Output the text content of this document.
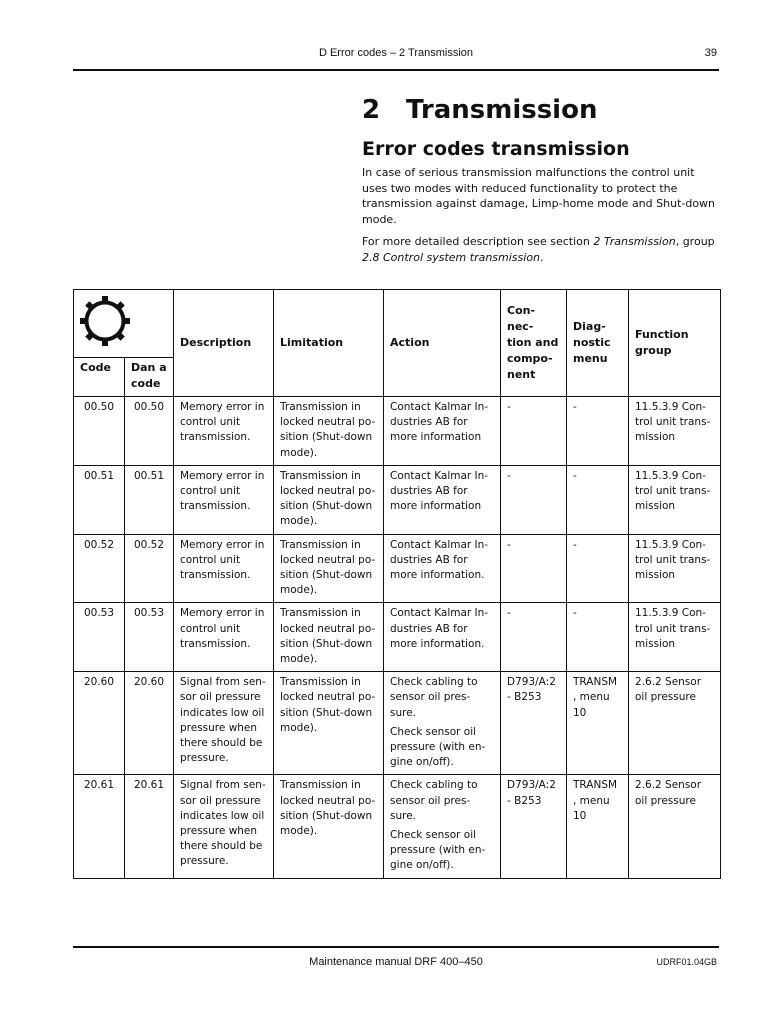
D Error codes – 2 Transmission	39
2 Transmission
Error codes transmission

In case of serious transmission malfunctions the control unit uses two modes with reduced functionality to protect the transmission against damage, Limp-home mode and Shut-down mode.

For more detailed description see section 2 Transmission, group 2.8 Control system transmission.

	Description	Limitation	Action	Con- nec- tion and compo- nent	Diag- nostic menu	Function group
Code	Dan a code						
00.50	00.50	Memory error in control unit transmission.	Transmission in locked neutral po- sition (Shut-down mode).	Contact Kalmar In- dustries AB for more information	-	-	11.5.3.9 Con- trol unit trans- mission
00.51	00.51	Memory error in control unit transmission.	Transmission in locked neutral po- sition (Shut-down mode).	Contact Kalmar In- dustries AB for more information	-	-	11.5.3.9 Con- trol unit trans- mission
00.52	00.52	Memory error in control unit transmission.	Transmission in locked neutral po- sition (Shut-down mode).	Contact Kalmar In- dustries AB for more information.	-	-	11.5.3.9 Con- trol unit trans- mission
00.53	00.53	Memory error in control unit transmission.	Transmission in locked neutral po- sition (Shut-down mode).	Contact Kalmar In- dustries AB for more information.	-	-	11.5.3.9 Con- trol unit trans- mission
20.60	20.60	Signal from sen- sor oil pressure indicates low oil pressure when there should be pressure.	Transmission in locked neutral po- sition (Shut-down mode).	Check cabling to sensor oil pres- sure.

Check sensor oil pressure (with en- gine on/off).	D793/A:2 - B253	TRANSM , menu 10	2.6.2 Sensor oil pressure
20.61	20.61	Signal from sen- sor oil pressure indicates low oil pressure when there should be pressure.	Transmission in locked neutral po- sition (Shut-down mode).	Check cabling to sensor oil pres- sure.

Check sensor oil pressure (with en- gine on/off).	D793/A:2 - B253	TRANSM , menu 10	2.6.2 Sensor oil pressure
Maintenance manual DRF 400–450	UDRF01.04GB
